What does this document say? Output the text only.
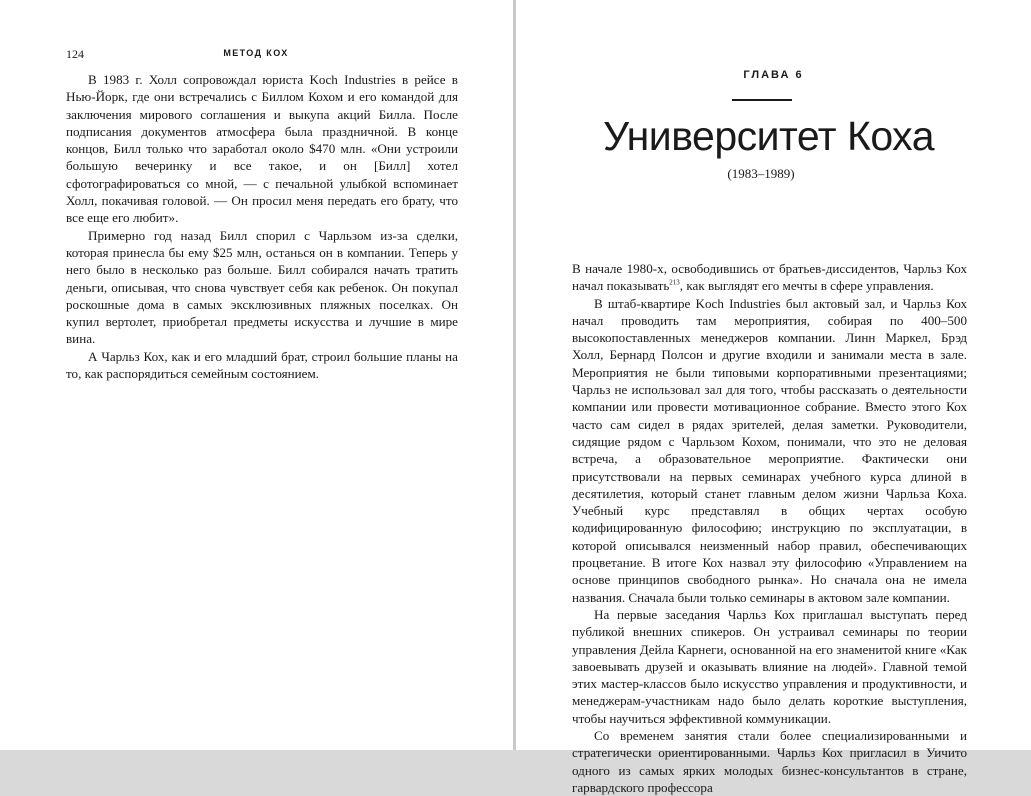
124	МЕТОД КОХ

В 1983 г. Холл сопровождал юриста Koch Industries в рейсе в Нью-Йорк, где они встречались с Биллом Кохом и его командой для заключения мирового соглашения и выкупа акций Билла. После подписания документов атмосфера была праздничной. В конце концов, Билл только что заработал около $470 млн. «Они устроили большую вечеринку и все такое, и он [Билл] хотел сфотографироваться со мной, — с печальной улыбкой вспоминает Холл, покачивая головой. — Он просил меня передать его брату, что все еще его любит».

Примерно год назад Билл спорил с Чарльзом из-за сделки, которая принесла бы ему $25 млн, останься он в компании. Теперь у него было в несколько раз больше. Билл собирался начать тратить деньги, описывая, что снова чувствует себя как ребенок. Он покупал роскошные дома в самых эксклюзивных пляжных поселках. Он купил вертолет, приобретал предметы искусства и лучшие в мире вина.

А Чарльз Кох, как и его младший брат, строил большие планы на то, как распорядиться семейным состоянием.

ГЛАВА 6
Университет Коха
(1983–1989)

В начале 1980-х, освободившись от братьев-диссидентов, Чарльз Кох начал показывать$^{213}$, как выглядят его мечты в сфере управления.

В штаб-квартире Koch Industries был актовый зал, и Чарльз Кох начал проводить там мероприятия, собирая по 400–500 высокопоставленных менеджеров компании. Линн Маркел, Брэд Холл, Бернард Полсон и другие входили и занимали места в зале. Мероприятия не были типовыми корпоративными презентациями; Чарльз не использовал зал для того, чтобы рассказать о деятельности компании или провести мотивационное собрание. Вместо этого Кох часто сам сидел в рядах зрителей, делая заметки. Руководители, сидящие рядом с Чарльзом Кохом, понимали, что это не деловая встреча, а образовательное мероприятие. Фактически они присутствовали на первых семинарах учебного курса длиной в десятилетия, который станет главным делом жизни Чарльза Коха. Учебный курс представлял в общих чертах особую кодифицированную философию; инструкцию по эксплуатации, в которой описывался неизменный набор правил, обеспечивающих процветание. В итоге Кох назвал эту философию «Управлением на основе принципов свободного рынка». Но сначала она не имела названия. Сначала были только семинары в актовом зале компании.

На первые заседания Чарльз Кох приглашал выступать перед публикой внешних спикеров. Он устраивал семинары по теории управления Дейла Карнеги, основанной на его знаменитой книге «Как завоевывать друзей и оказывать влияние на людей». Главной темой этих мастер-классов было искусство управления и продуктивности, и менеджерам-участникам надо было делать короткие выступления, чтобы научиться эффективной коммуникации.

Со временем занятия стали более специализированными и стратегически ориентированными. Чарльз Кох пригласил в Уичито одного из самых ярких молодых бизнес-консультантов в стране, гарвардского профессора
